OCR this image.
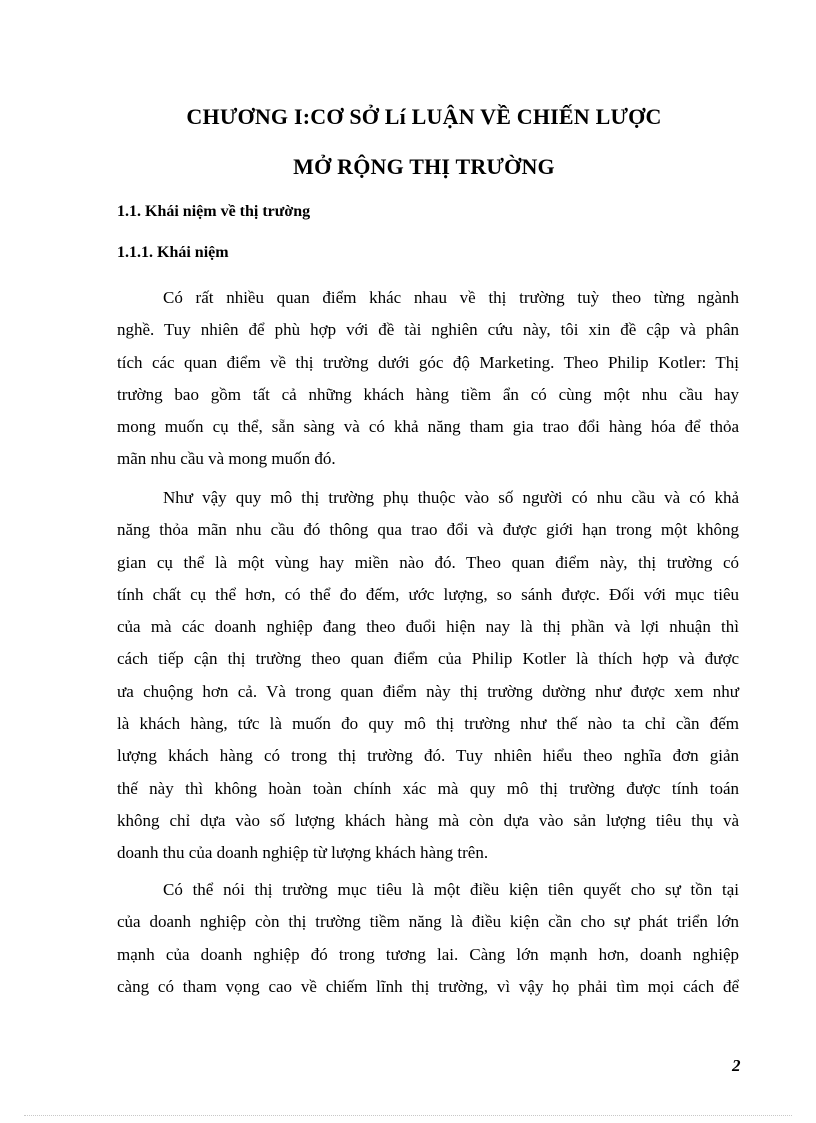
CHƯƠNG I:CƠ SỞ Lí LUẬN VỀ CHIẾN LƯỢC
MỞ RỘNG THỊ TRƯỜNG
1.1. Khái niệm về thị trường
1.1.1. Khái niệm
Có rất nhiều quan điểm khác nhau về thị trường tuỳ theo từng ngành
nghề. Tuy nhiên để phù hợp với đề tài nghiên cứu này, tôi xin đề cập và phân
tích các quan điểm về thị trường dưới góc độ Marketing. Theo Philip Kotler: Thị
trường bao gồm tất cả những khách hàng tiềm ẩn có cùng một nhu cầu hay
mong muốn cụ thể, sẵn sàng và có khả năng tham gia trao đổi hàng hóa để thỏa
mãn nhu cầu và mong muốn đó.
Như vậy quy mô thị trường phụ thuộc vào số người có nhu cầu và có khả
năng thỏa mãn nhu cầu đó thông qua trao đổi và được giới hạn trong một không
gian cụ thể là một vùng hay miền nào đó. Theo quan điểm này, thị trường có
tính chất cụ thể hơn, có thể đo đếm, ước lượng, so sánh được. Đối với mục tiêu
của mà các doanh nghiệp đang theo đuổi hiện nay là thị phần và lợi nhuận thì
cách tiếp cận thị trường theo quan điểm của Philip Kotler là thích hợp và được
ưa chuộng hơn cả. Và trong quan điểm này thị trường dường như được xem như
là khách hàng, tức là muốn đo quy mô thị trường như thế nào ta chỉ cần đếm
lượng khách hàng có trong thị trường đó. Tuy nhiên hiểu theo nghĩa đơn giản
thế này thì không hoàn toàn chính xác mà quy mô thị trường được tính toán
không chỉ dựa vào số lượng khách hàng mà còn dựa vào sản lượng tiêu thụ và
doanh thu của doanh nghiệp từ lượng khách hàng trên.
Có thể nói thị trường mục tiêu là một điều kiện tiên quyết cho sự tồn tại
của doanh nghiệp còn thị trường tiềm năng là điều kiện cần cho sự phát triển lớn
mạnh của doanh nghiệp đó trong tương lai. Càng lớn mạnh hơn, doanh nghiệp
càng có tham vọng cao về chiếm lĩnh thị trường, vì vậy họ phải tìm mọi cách để
2
